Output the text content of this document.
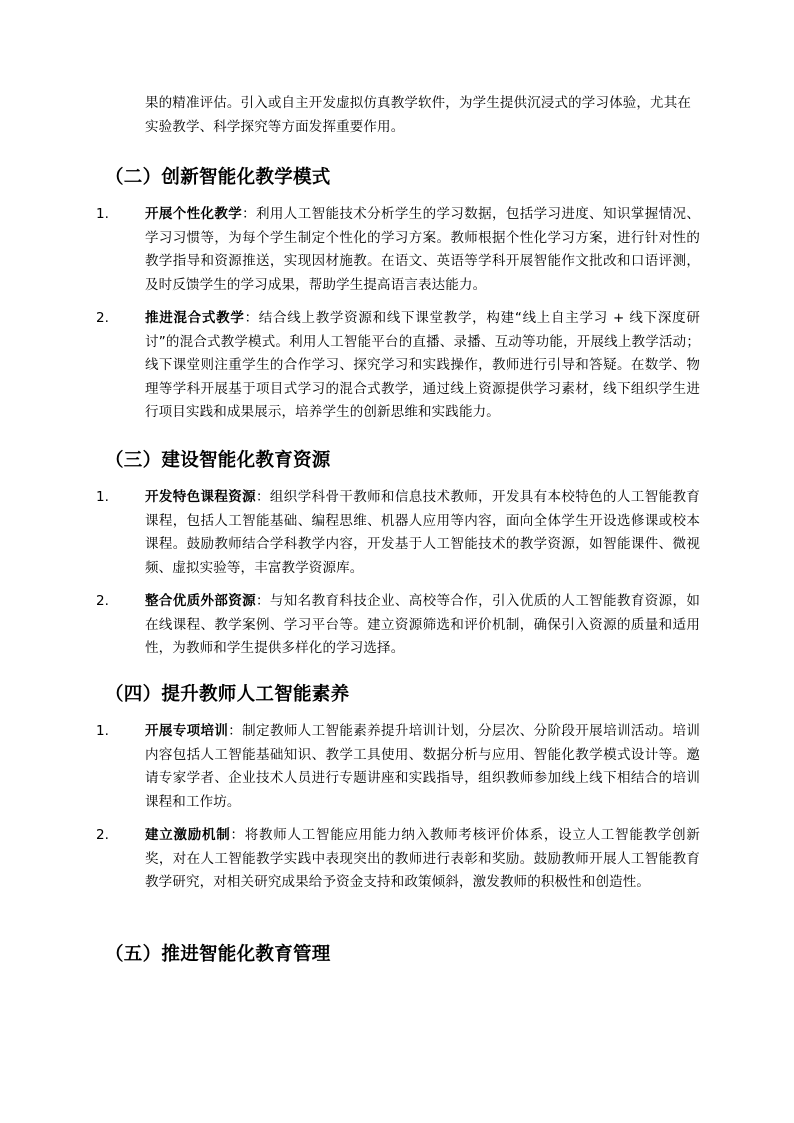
果的精准评估。引入或自主开发虚拟仿真教学软件，为学生提供沉浸式的学习体验，尤其在实验教学、科学探究等方面发挥重要作用。
（二）创新智能化教学模式
1.	开展个性化教学：利用人工智能技术分析学生的学习数据，包括学习进度、知识掌握情况、学习习惯等，为每个学生制定个性化的学习方案。教师根据个性化学习方案，进行针对性的教学指导和资源推送，实现因材施教。在语文、英语等学科开展智能作文批改和口语评测，及时反馈学生的学习成果，帮助学生提高语言表达能力。
2.	推进混合式教学：结合线上教学资源和线下课堂教学，构建“线上自主学习 + 线下深度研讨”的混合式教学模式。利用人工智能平台的直播、录播、互动等功能，开展线上教学活动；线下课堂则注重学生的合作学习、探究学习和实践操作，教师进行引导和答疑。在数学、物理等学科开展基于项目式学习的混合式教学，通过线上资源提供学习素材，线下组织学生进行项目实践和成果展示，培养学生的创新思维和实践能力。
（三）建设智能化教育资源
1.	开发特色课程资源：组织学科骨干教师和信息技术教师，开发具有本校特色的人工智能教育课程，包括人工智能基础、编程思维、机器人应用等内容，面向全体学生开设选修课或校本课程。鼓励教师结合学科教学内容，开发基于人工智能技术的教学资源，如智能课件、微视频、虚拟实验等，丰富教学资源库。
2.	整合优质外部资源：与知名教育科技企业、高校等合作，引入优质的人工智能教育资源，如在线课程、教学案例、学习平台等。建立资源筛选和评价机制，确保引入资源的质量和适用性，为教师和学生提供多样化的学习选择。
（四）提升教师人工智能素养
1.	开展专项培训：制定教师人工智能素养提升培训计划，分层次、分阶段开展培训活动。培训内容包括人工智能基础知识、教学工具使用、数据分析与应用、智能化教学模式设计等。邀请专家学者、企业技术人员进行专题讲座和实践指导，组织教师参加线上线下相结合的培训课程和工作坊。
2.	建立激励机制：将教师人工智能应用能力纳入教师考核评价体系，设立人工智能教学创新奖，对在人工智能教学实践中表现突出的教师进行表彰和奖励。鼓励教师开展人工智能教育教学研究，对相关研究成果给予资金支持和政策倾斜，激发教师的积极性和创造性。
（五）推进智能化教育管理
